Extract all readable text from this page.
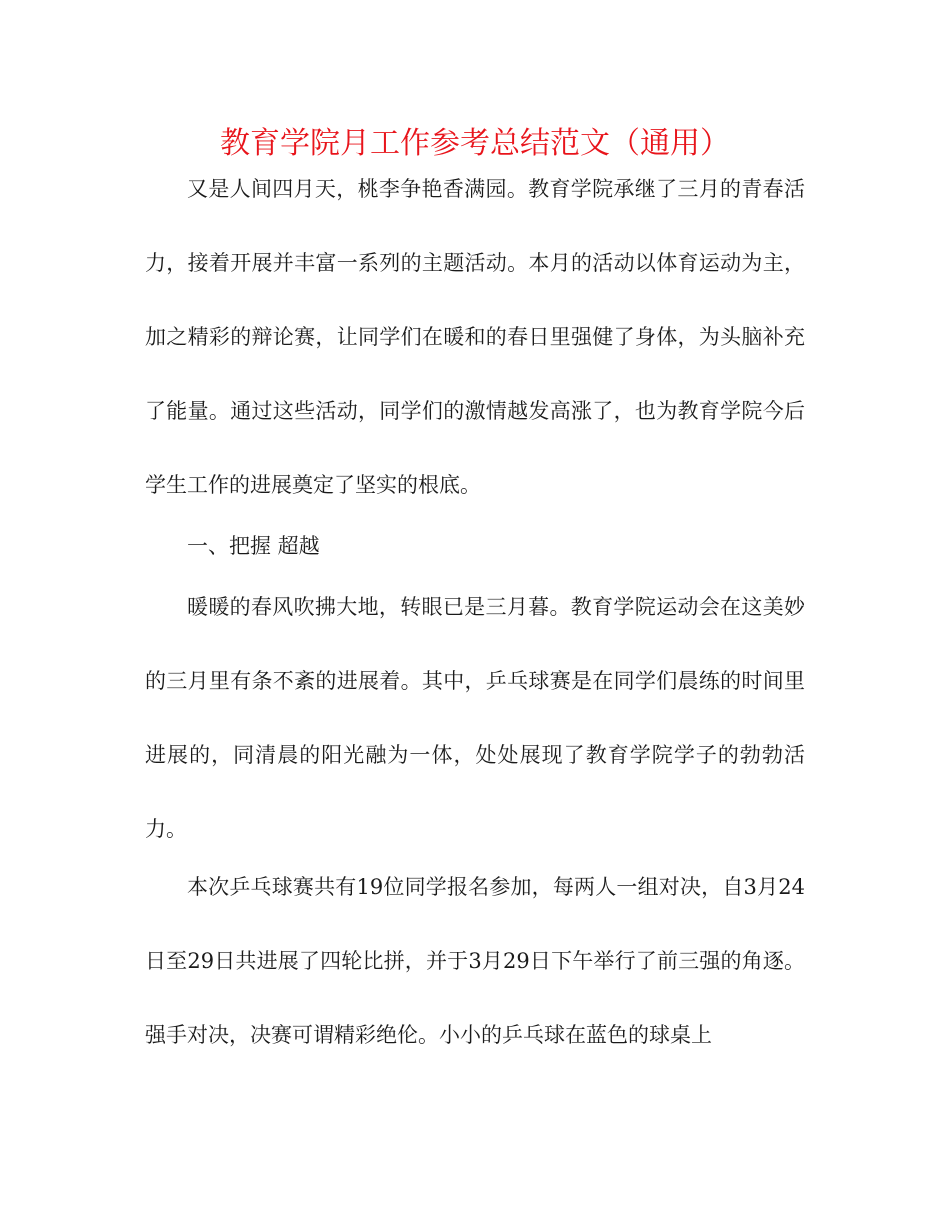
教育学院月工作参考总结范文（通用）

又是人间四月天，桃李争艳香满园。教育学院承继了三月的青春活力，接着开展并丰富一系列的主题活动。本月的活动以体育运动为主，加之精彩的辩论赛，让同学们在暖和的春日里强健了身体，为头脑补充了能量。通过这些活动，同学们的激情越发高涨了，也为教育学院今后学生工作的进展奠定了坚实的根底。

一、把握 超越

暖暖的春风吹拂大地，转眼已是三月暮。教育学院运动会在这美妙的三月里有条不紊的进展着。其中，乒乓球赛是在同学们晨练的时间里进展的，同清晨的阳光融为一体，处处展现了教育学院学子的勃勃活力。

本次乒乓球赛共有19位同学报名参加，每两人一组对决，自3月24日至29日共进展了四轮比拼，并于3月29日下午举行了前三强的角逐。强手对决，决赛可谓精彩绝伦。小小的乒乓球在蓝色的球桌上
